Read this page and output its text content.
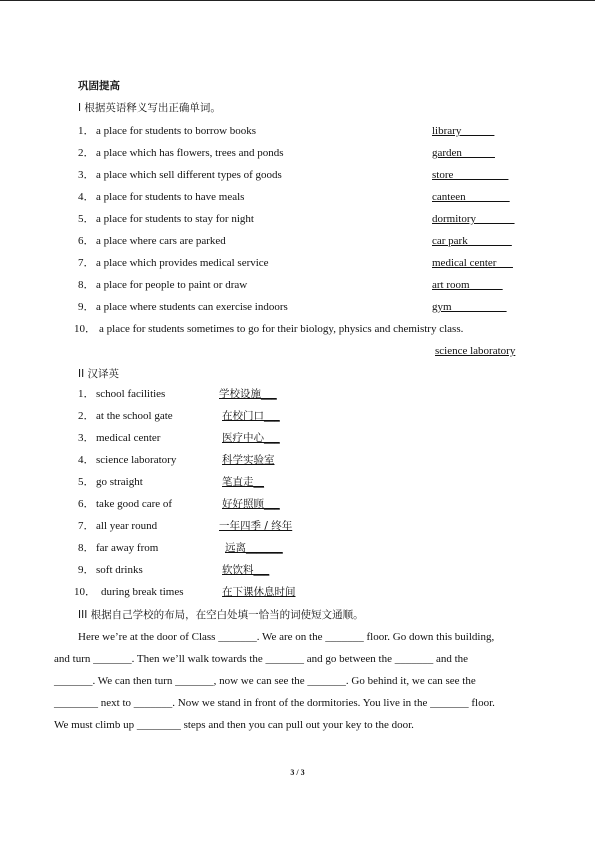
巩固提高
I 根据英语释义写出正确单词。
1． a place for students to borrow books	library______
2． a place which has flowers, trees and ponds	garden______
3． a place which sell different types of goods	store__________
4． a place for students to have meals	canteen________
5． a place for students to stay for night	dormitory_______
6． a place where cars are parked	car park________
7． a place which provides medical service	medical center___
8． a place for people to paint or draw	art room______
9． a place where students can exercise indoors	gym__________
10． a place for students sometimes to go for their biology, physics and chemistry class.
science laboratory
II 汉译英
1． school facilities	学校设施___
2． at the school gate	在校门口___
3． medical center	医疗中心___
4． science laboratory	科学实验室
5． go straight	笔直走__
6． take good care of	好好照顾___
7． all year round	一年四季 / 终年
8． far away from	远离_______
9． soft drinks	软饮料___
10． during break times	在下课休息时间
III 根据自己学校的布局，在空白处填一恰当的词使短文通顺。
Here we’re at the door of Class _______. We are on the _______ floor. Go down this building,
and turn _______. Then we’ll walk towards the _______ and go between the _______ and the
_______. We can then turn _______, now we can see the _______. Go behind it, we can see the
________ next to _______. Now we stand in front of the dormitories. You live in the _______ floor.
We must climb up ________ steps and then you can pull out your key to the door.
3 / 3
